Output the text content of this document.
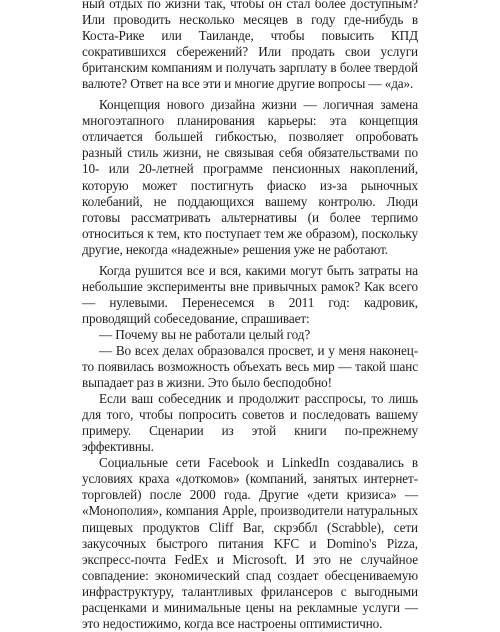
ный отдых по жизни так, чтобы он стал более доступным? Или проводить несколько месяцев в году где-нибудь в Коста-Рике или Таиланде, чтобы повысить КПД сократившихся сбережений? Или продать свои услуги британским компаниям и получать зарплату в более твердой валюте? Ответ на все эти и многие другие вопросы — «да».

Концепция нового дизайна жизни — логичная замена многоэтапного планирования карьеры: эта концепция отличается большей гибкостью, позволяет опробовать разный стиль жизни, не связывая себя обязательствами по 10- или 20-летней программе пенсионных накоплений, которую может постигнуть фиаско из-за рыночных колебаний, не поддающихся вашему контролю. Люди готовы рассматривать альтернативы (и более терпимо относиться к тем, кто поступает тем же образом), поскольку другие, некогда «надежные» решения уже не работают.

Когда рушится все и вся, какими могут быть затраты на небольшие эксперименты вне привычных рамок? Как всего — нулевыми. Перенесемся в 2011 год: кадровик, проводящий собеседование, спрашивает:

— Почему вы не работали целый год?

— Во всех делах образовался просвет, и у меня наконец-то появилась возможность объехать весь мир — такой шанс выпадает раз в жизни. Это было бесподобно!

Если ваш собеседник и продолжит расспросы, то лишь для того, чтобы попросить советов и последовать вашему примеру. Сценарии из этой книги по-прежнему эффективны.

Социальные сети Facebook и LinkedIn создавались в условиях краха «доткомов» (компаний, занятых интернет-торговлей) после 2000 года. Другие «дети кризиса» — «Монополия», компания Apple, производители натуральных пищевых продуктов Cliff Bar, скрэббл (Scrabble), сети закусочных быстрого питания KFC и Domino's Pizza, экспресс-почта FedEx и Microsoft. И это не случайное совпадение: экономический спад создает обесцениваемую инфраструктуру, талантливых фрилансеров с выгодными расценками и минимальные цены на рекламные услуги — это недостижимо, когда все настроены оптимистично.
